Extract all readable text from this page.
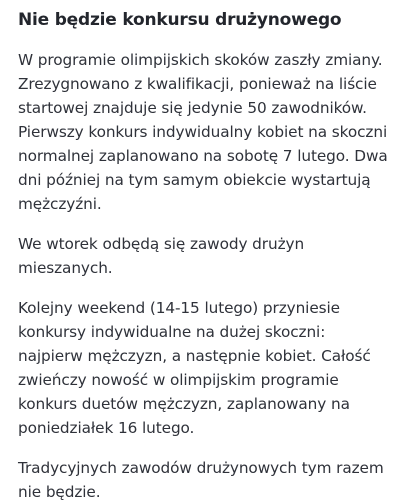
Nie będzie konkursu drużynowego

W programie olimpijskich skoków zaszły zmiany. Zrezygnowano z kwalifikacji, ponieważ na liście startowej znajduje się jedynie 50 zawodników. Pierwszy konkurs indywidualny kobiet na skoczni normalnej zaplanowano na sobotę 7 lutego. Dwa dni później na tym samym obiekcie wystartują mężczyźni.

We wtorek odbędą się zawody drużyn mieszanych.

Kolejny weekend (14-15 lutego) przyniesie konkursy indywidualne na dużej skoczni: najpierw mężczyzn, a następnie kobiet. Całość zwieńczy nowość w olimpijskim programie konkurs duetów mężczyzn, zaplanowany na poniedziałek 16 lutego.

Tradycyjnych zawodów drużynowych tym razem nie będzie.
